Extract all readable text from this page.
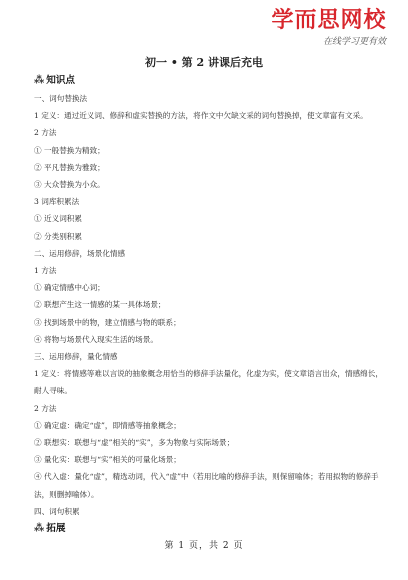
学而思网校
在线学习更有效
初一 • 第 2 讲课后充电
⁂ 知识点
一、词句替换法
1 定义：通过近义词、修辞和虚实替换的方法，将作文中欠缺文采的词句替换掉，使文章富有文采。
2 方法
① 一般替换为精致；
② 平凡替换为雅致；
③ 大众替换为小众。
3 词库积累法
① 近义词积累
② 分类别积累
二、运用修辞，场景化情感
1 方法
① 确定情感中心词；
② 联想产生这一情感的某一具体场景；
③ 找到场景中的物，建立情感与物的联系；
④ 将物与场景代入现实生活的场景。
三、运用修辞，量化情感
1 定义：将情感等难以言说的抽象概念用恰当的修辞手法量化，化虚为实，使文章语言出众，情感绵长，耐人寻味。
2 方法
① 确定虚：确定“虚”，即情感等抽象概念；
② 联想实：联想与“虚”相关的“实”，多为物象与实际场景；
③ 量化实：联想与“实”相关的可量化场景；
④ 代入虚：量化“虚”，精选动词，代入“虚”中（若用比喻的修辞手法，则保留喻体；若用拟物的修辞手法，则删掉喻体）。
四、词句积累
⁂ 拓展
第 1 页，共 2 页
